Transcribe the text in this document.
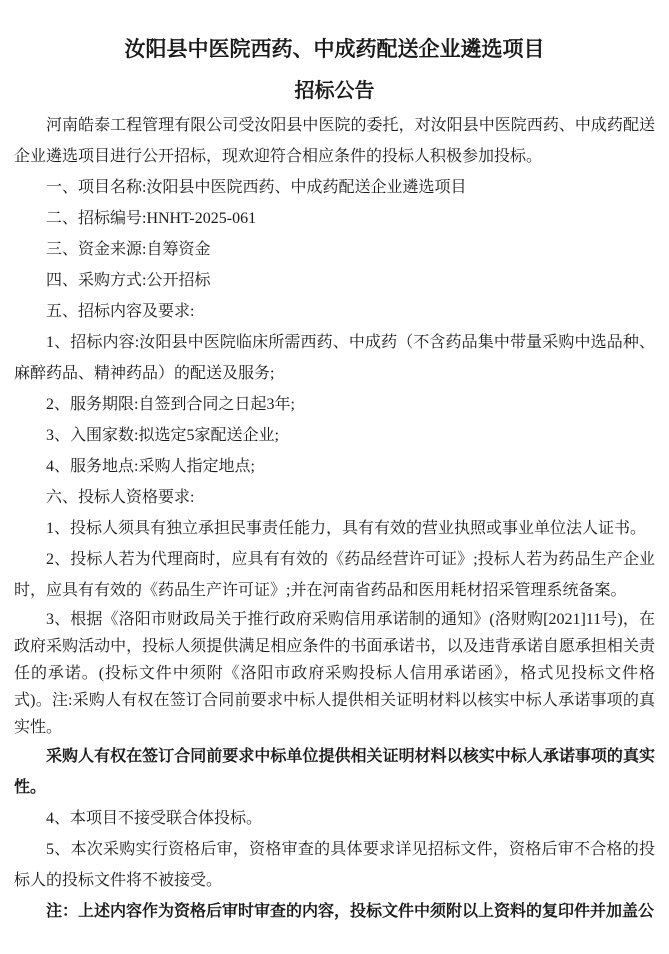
汝阳县中医院西药、中成药配送企业遴选项目
招标公告

河南皓泰工程管理有限公司受汝阳县中医院的委托，对汝阳县中医院西药、中成药配送企业遴选项目进行公开招标，现欢迎符合相应条件的投标人积极参加投标。

一、项目名称:汝阳县中医院西药、中成药配送企业遴选项目

二、招标编号:HNHT-2025-061

三、资金来源:自筹资金

四、采购方式:公开招标

五、招标内容及要求:

1、招标内容:汝阳县中医院临床所需西药、中成药（不含药品集中带量采购中选品种、麻醉药品、精神药品）的配送及服务;

2、服务期限:自签到合同之日起3年;

3、入围家数:拟选定5家配送企业;

4、服务地点:采购人指定地点;

六、投标人资格要求:

1、投标人须具有独立承担民事责任能力，具有有效的营业执照或事业单位法人证书。

2、投标人若为代理商时，应具有有效的《药品经营许可证》;投标人若为药品生产企业时，应具有有效的《药品生产许可证》;并在河南省药品和医用耗材招采管理系统备案。

3、根据《洛阳市财政局关于推行政府采购信用承诺制的通知》(洛财购[2021]11号)，在政府采购活动中，投标人须提供满足相应条件的书面承诺书，以及违背承诺自愿承担相关责任的承诺。(投标文件中须附《洛阳市政府采购投标人信用承诺函》，格式见投标文件格式)。注:采购人有权在签订合同前要求中标人提供相关证明材料以核实中标人承诺事项的真实性。

采购人有权在签订合同前要求中标单位提供相关证明材料以核实中标人承诺事项的真实性。

4、本项目不接受联合体投标。

5、本次采购实行资格后审，资格审查的具体要求详见招标文件，资格后审不合格的投标人的投标文件将不被接受。

注：上述内容作为资格后审时审查的内容，投标文件中须附以上资料的复印件并加盖公
